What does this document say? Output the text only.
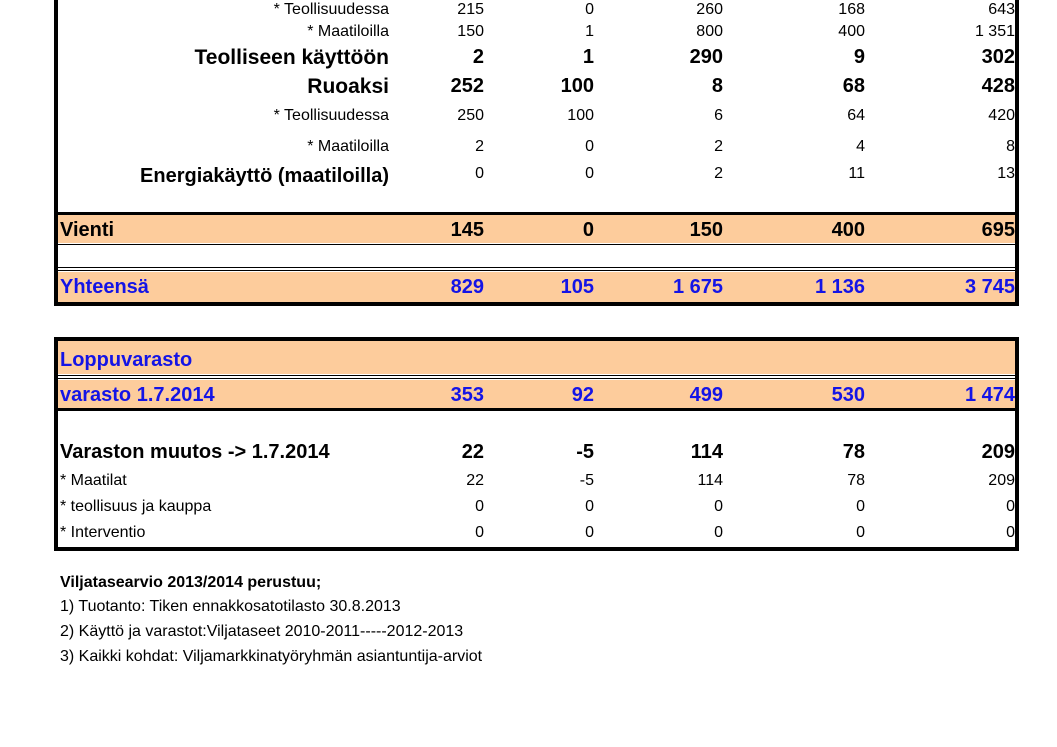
* Teollisuudessa	215	0	260	168	643
* Maatiloilla	150	1	800	400	1 351
Teolliseen käyttöön	2	1	290	9	302
Ruoaksi	252	100	8	68	428
* Teollisuudessa	250	100	6	64	420
* Maatiloilla	2	0	2	4	8
Energiakäyttö (maatiloilla)	0	0	2	11	13
Vienti	145	0	150	400	695
Yhteensä	829	105	1 675	1 136	3 745
Loppuvarasto
varasto 1.7.2014	353	92	499	530	1 474
Varaston muutos -> 1.7.2014	22	-5	114	78	209
* Maatilat	22	-5	114	78	209
* teollisuus ja kauppa	0	0	0	0	0
* Interventio	0	0	0	0	0
Viljatasearvio 2013/2014 perustuu;
1) Tuotanto: Tiken ennakkosatotilasto 30.8.2013
2) Käyttö ja varastot:Viljataseet 2010-2011-----2012-2013
3) Kaikki kohdat: Viljamarkkinatyöryhmän asiantuntija-arviot
